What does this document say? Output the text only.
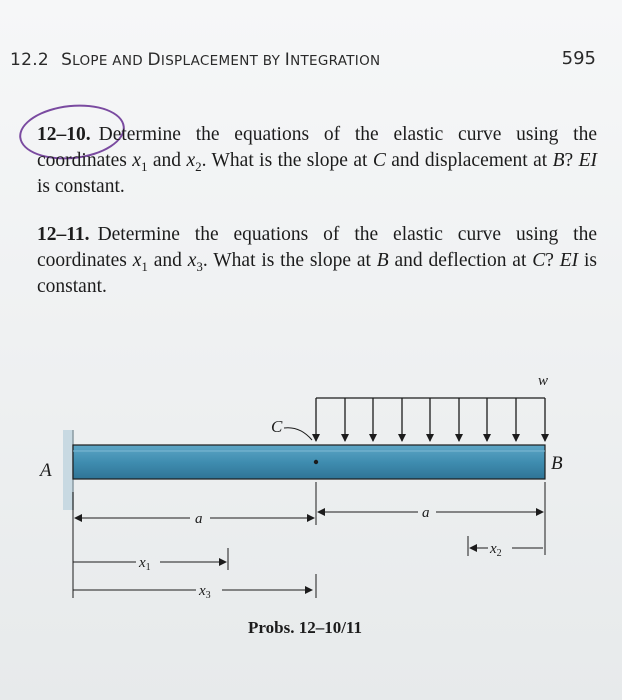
12.2 SLOPE AND DISPLACEMENT BY INTEGRATION	595
12–10. Determine the equations of the elastic curve using the coordinates $x_1$ and $x_2$. What is the slope at C and displacement at B? EI is constant.
12–11. Determine the equations of the elastic curve using the coordinates $x_1$ and $x_3$. What is the slope at B and deflection at C? EI is constant.
A	B
w
C
a	a
$x_1$
$x_3$
$x_2$
Probs. 12–10/11
